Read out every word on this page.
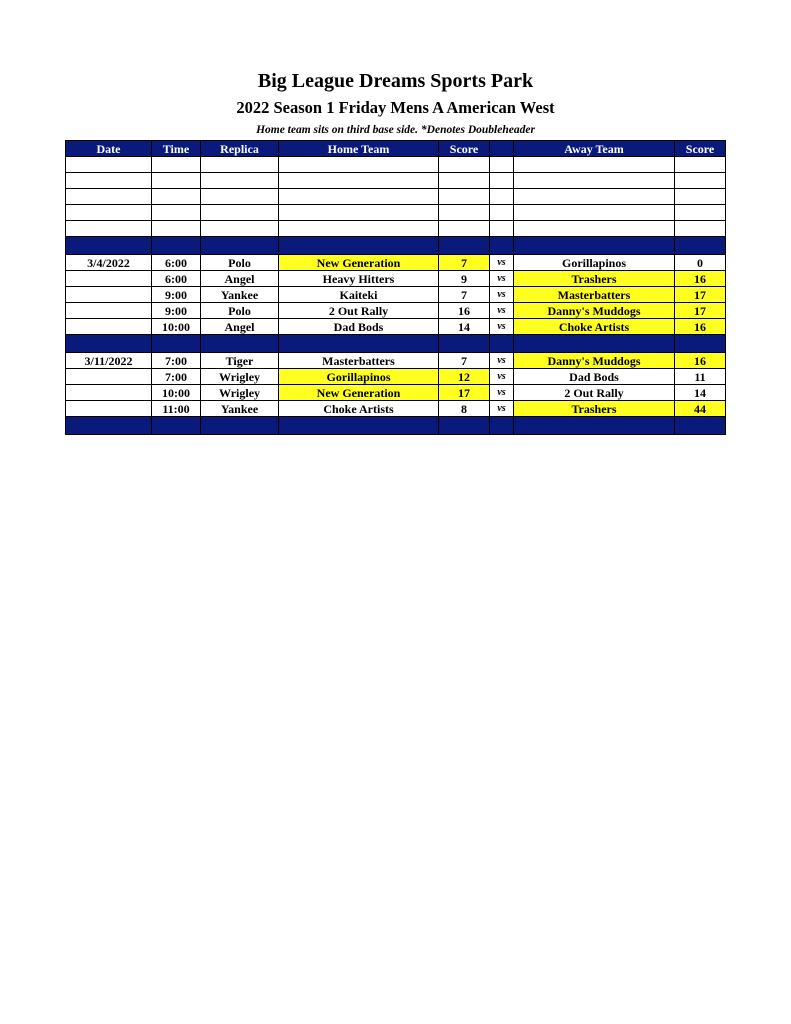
Big League Dreams Sports Park
2022 Season 1 Friday Mens A American West
Home team sits on third base side. *Denotes Doubleheader
Date	Time	Replica	Home Team	Score		Away Team	Score

3/4/2022	6:00	Polo	New Generation	7	vs	Gorillapinos	0
	6:00	Angel	Heavy Hitters	9	vs	Trashers	16
	9:00	Yankee	Kaiteki	7	vs	Masterbatters	17
	9:00	Polo	2 Out Rally	16	vs	Danny's Muddogs	17
	10:00	Angel	Dad Bods	14	vs	Choke Artists	16

3/11/2022	7:00	Tiger	Masterbatters	7	vs	Danny's Muddogs	16
	7:00	Wrigley	Gorillapinos	12	vs	Dad Bods	11
	10:00	Wrigley	New Generation	17	vs	2 Out Rally	14
	11:00	Yankee	Choke Artists	8	vs	Trashers	44
